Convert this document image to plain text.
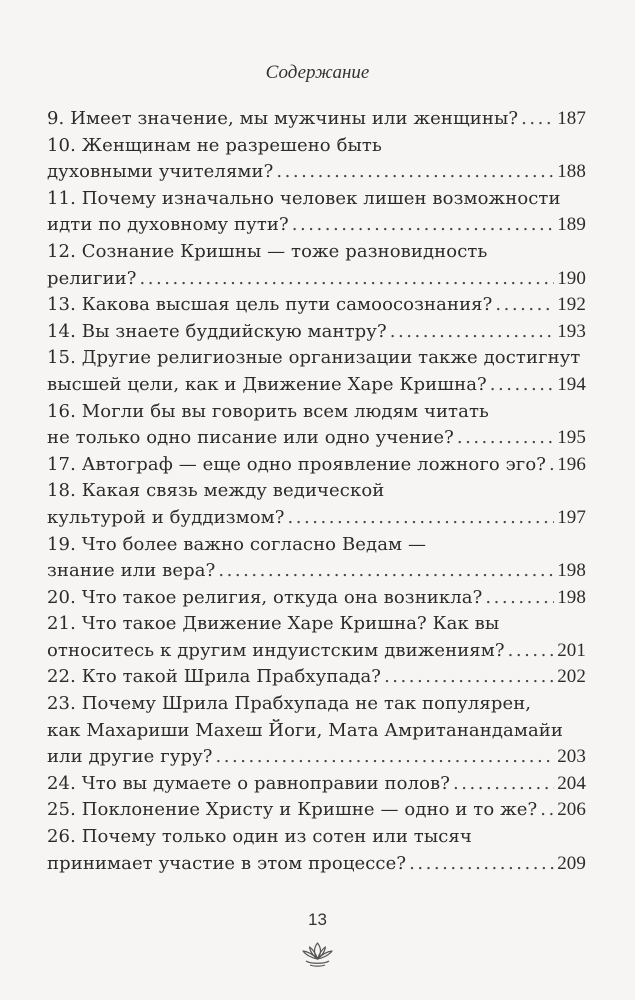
Содержание
9. Имеет значение, мы мужчины или женщины? . . . 187
10. Женщинам не разрешено быть
духовными учителями? . . .	188
11. Почему изначально человек лишен возможности
идти по духовному пути? . . .	189
12. Сознание Кришны — тоже разновидность
религии? . . .	190
13. Какова высшая цель пути самоосознания? . . .	192
14. Вы знаете буддийскую мантру? . . .	193
15. Другие религиозные организации также достигнут
высшей цели, как и Движение Харе Кришна? . . .	194
16. Могли бы вы говорить всем людям читать
не только одно писание или одно учение? . . .	195
17. Автограф — еще одно проявление ложного эго? . . . 196
18. Какая связь между ведической
культурой и буддизмом? . . .	197
19. Что более важно согласно Ведам —
знание или вера? . . .	198
20. Что такое религия, откуда она возникла? . . .	198
21. Что такое Движение Харе Кришна? Как вы
относитесь к другим индуистским движениям? . . .	201
22. Кто такой Шрила Прабхупада? . . .	202
23. Почему Шрила Прабхупада не так популярен,
как Махариши Махеш Йоги, Мата Амританандамайи
или другие гуру? . . .	203
24. Что вы думаете о равноправии полов? . . .	204
25. Поклонение Христу и Кришне — одно и то же? . . . 206
26. Почему только один из сотен или тысяч
принимает участие в этом процессе? . . .	209
13
